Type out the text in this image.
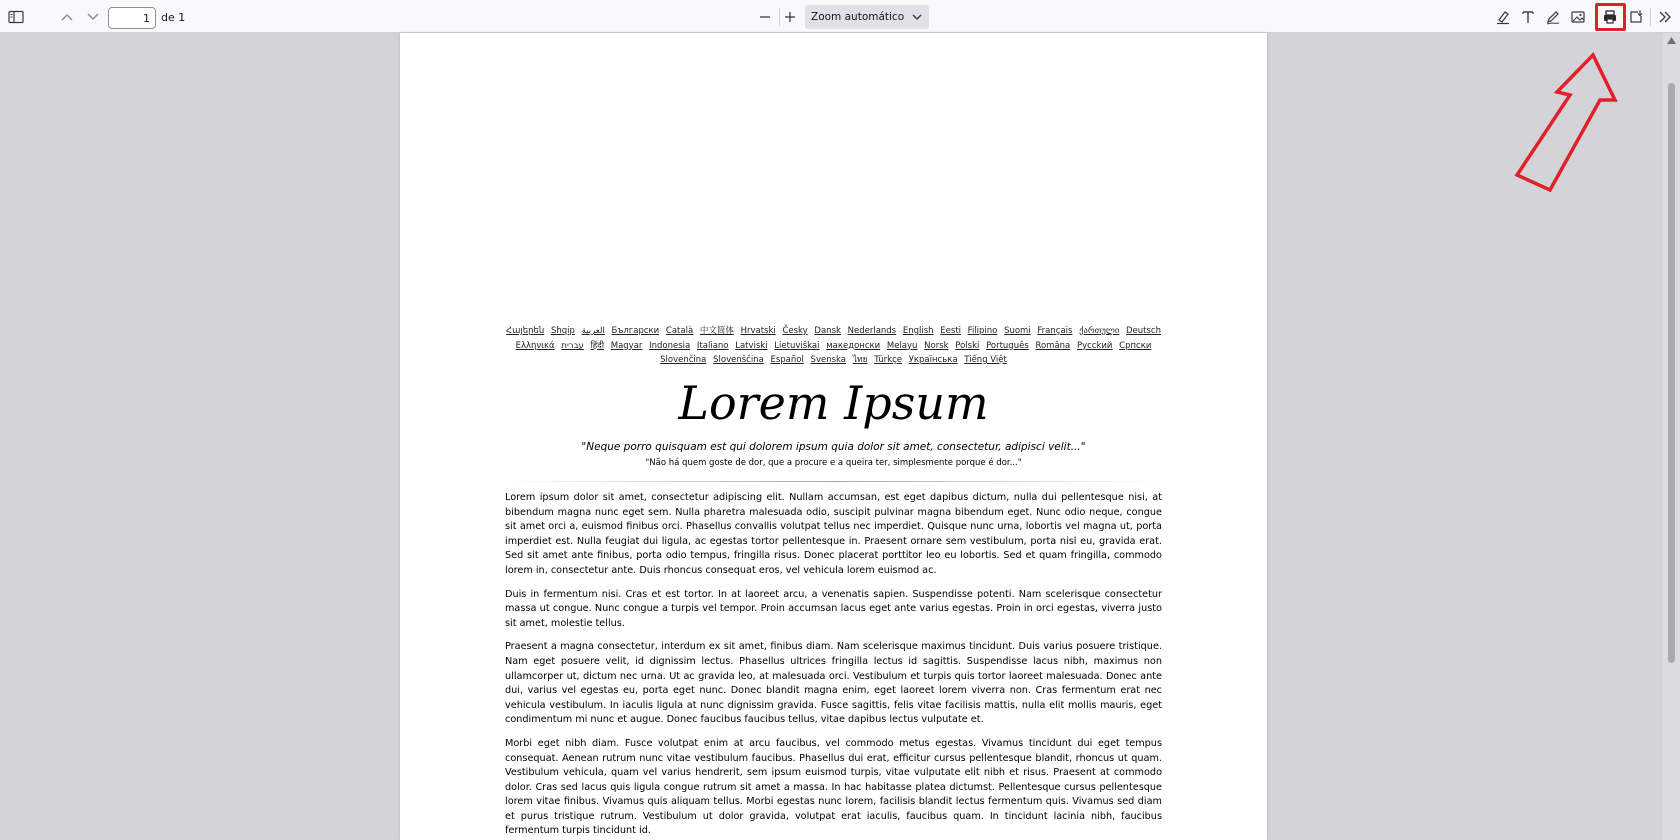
1
de 1	Zoom automático
Հայերեն Shqip العربية Български Català 中文简体 Hrvatski Česky Dansk Nederlands English Eesti Filipino Suomi Français ქართული Deutsch Ελληνικά עברית हिंदी Magyar Indonesia Italiano Latviski Lietuviškai македонски Melayu Norsk Polski Português Româna Pycckий Српски Slovenčina Slovenščina Español Svenska ไทย Türkçe Українська Tiếng Việt
Lorem Ipsum
"Neque porro quisquam est qui dolorem ipsum quia dolor sit amet, consectetur, adipisci velit..."
"Não há quem goste de dor, que a procure e a queira ter, simplesmente porque é dor..."

Lorem ipsum dolor sit amet, consectetur adipiscing elit. Nullam accumsan, est eget dapibus dictum, nulla dui pellentesque nisi, at bibendum magna nunc eget sem. Nulla pharetra malesuada odio, suscipit pulvinar magna bibendum eget. Nunc odio neque, congue sit amet orci a, euismod finibus orci. Phasellus convallis volutpat tellus nec imperdiet. Quisque nunc urna, lobortis vel magna ut, porta imperdiet est. Nulla feugiat dui ligula, ac egestas tortor pellentesque in. Praesent ornare sem vestibulum, porta nisl eu, gravida erat. Sed sit amet ante finibus, porta odio tempus, fringilla risus. Donec placerat porttitor leo eu lobortis. Sed et quam fringilla, commodo lorem in, consectetur ante. Duis rhoncus consequat eros, vel vehicula lorem euismod ac.

Duis in fermentum nisi. Cras et est tortor. In at laoreet arcu, a venenatis sapien. Suspendisse potenti. Nam scelerisque consectetur massa ut congue. Nunc congue a turpis vel tempor. Proin accumsan lacus eget ante varius egestas. Proin in orci egestas, viverra justo sit amet, molestie tellus.

Praesent a magna consectetur, interdum ex sit amet, finibus diam. Nam scelerisque maximus tincidunt. Duis varius posuere tristique. Nam eget posuere velit, id dignissim lectus. Phasellus ultrices fringilla lectus id sagittis. Suspendisse lacus nibh, maximus non ullamcorper ut, dictum nec urna. Ut ac gravida leo, at malesuada orci. Vestibulum et turpis quis tortor laoreet malesuada. Donec ante dui, varius vel egestas eu, porta eget nunc. Donec blandit magna enim, eget laoreet lorem viverra non. Cras fermentum erat nec vehicula vestibulum. In iaculis ligula at nunc dignissim gravida. Fusce sagittis, felis vitae facilisis mattis, nulla elit mollis mauris, eget condimentum mi nunc et augue. Donec faucibus faucibus tellus, vitae dapibus lectus vulputate et.

Morbi eget nibh diam. Fusce volutpat enim at arcu faucibus, vel commodo metus egestas. Vivamus tincidunt dui eget tempus consequat. Aenean rutrum nunc vitae vestibulum faucibus. Phasellus dui erat, efficitur cursus pellentesque blandit, rhoncus ut quam. Vestibulum vehicula, quam vel varius hendrerit, sem ipsum euismod turpis, vitae vulputate elit nibh et risus. Praesent at commodo dolor. Cras sed lacus quis ligula congue rutrum sit amet a massa. In hac habitasse platea dictumst. Pellentesque cursus pellentesque lorem vitae finibus. Vivamus quis aliquam tellus. Morbi egestas nunc lorem, facilisis blandit lectus fermentum quis. Vivamus sed diam et purus tristique rutrum. Vestibulum ut dolor gravida, volutpat erat iaculis, faucibus quam. In tincidunt lacinia nibh, faucibus fermentum turpis tincidunt id.
